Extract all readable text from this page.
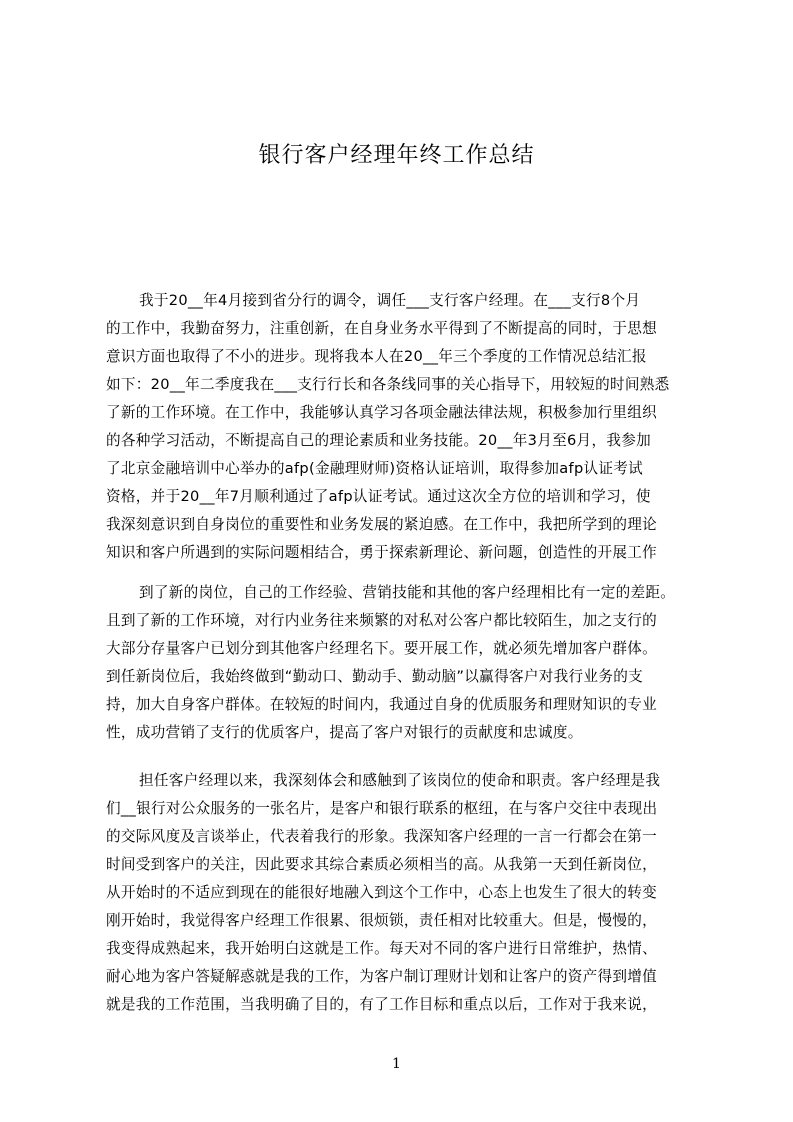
银行客户经理年终工作总结
我于20__年4月接到省分行的调令，调任___支行客户经理。在___支行8个月
的工作中，我勤奋努力，注重创新，在自身业务水平得到了不断提高的同时，于思想
意识方面也取得了不小的进步。现将我本人在20__年三个季度的工作情况总结汇报
如下：20__年二季度我在___支行行长和各条线同事的关心指导下，用较短的时间熟悉
了新的工作环境。在工作中，我能够认真学习各项金融法律法规，积极参加行里组织
的各种学习活动，不断提高自己的理论素质和业务技能。20__年3月至6月，我参加
了北京金融培训中心举办的afp(金融理财师)资格认证培训，取得参加afp认证考试
资格，并于20__年7月顺利通过了afp认证考试。通过这次全方位的培训和学习，使
我深刻意识到自身岗位的重要性和业务发展的紧迫感。在工作中，我把所学到的理论
知识和客户所遇到的实际问题相结合，勇于探索新理论、新问题，创造性的开展工作
到了新的岗位，自己的工作经验、营销技能和其他的客户经理相比有一定的差距。
且到了新的工作环境，对行内业务往来频繁的对私对公客户都比较陌生，加之支行的
大部分存量客户已划分到其他客户经理名下。要开展工作，就必须先增加客户群体。
到任新岗位后，我始终做到“勤动口、勤动手、勤动脑”以赢得客户对我行业务的支
持，加大自身客户群体。在较短的时间内，我通过自身的优质服务和理财知识的专业
性，成功营销了支行的优质客户，提高了客户对银行的贡献度和忠诚度。
担任客户经理以来，我深刻体会和感触到了该岗位的使命和职责。客户经理是我
们__银行对公众服务的一张名片，是客户和银行联系的枢纽，在与客户交往中表现出
的交际风度及言谈举止，代表着我行的形象。我深知客户经理的一言一行都会在第一
时间受到客户的关注，因此要求其综合素质必须相当的高。从我第一天到任新岗位，
从开始时的不适应到现在的能很好地融入到这个工作中，心态上也发生了很大的转变
刚开始时，我觉得客户经理工作很累、很烦锁，责任相对比较重大。但是，慢慢的，
我变得成熟起来，我开始明白这就是工作。每天对不同的客户进行日常维护，热情、
耐心地为客户答疑解惑就是我的工作，为客户制订理财计划和让客户的资产得到增值
就是我的工作范围，当我明确了目的，有了工作目标和重点以后，工作对于我来说，
1
